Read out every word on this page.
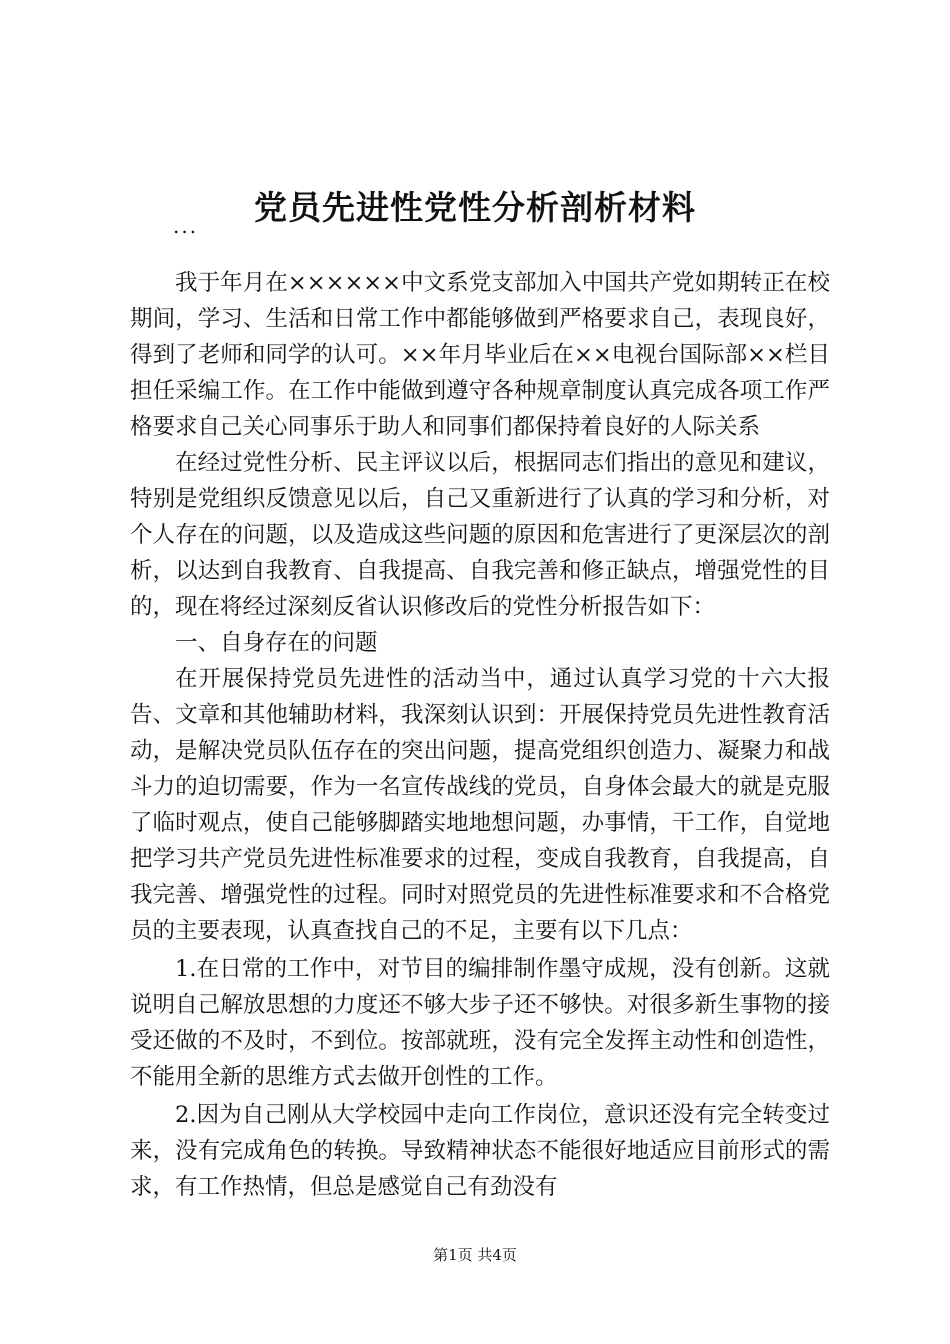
党员先进性党性分析剖析材料
...

我于年月在××××××中文系党支部加入中国共产党如期转正在校期间，学习、生活和日常工作中都能够做到严格要求自己，表现良好，得到了老师和同学的认可。××年月毕业后在××电视台国际部××栏目担任采编工作。在工作中能做到遵守各种规章制度认真完成各项工作严格要求自己关心同事乐于助人和同事们都保持着良好的人际关系

在经过党性分析、民主评议以后，根据同志们指出的意见和建议，特别是党组织反馈意见以后，自己又重新进行了认真的学习和分析，对个人存在的问题，以及造成这些问题的原因和危害进行了更深层次的剖析，以达到自我教育、自我提高、自我完善和修正缺点，增强党性的目的，现在将经过深刻反省认识修改后的党性分析报告如下：

一、自身存在的问题

在开展保持党员先进性的活动当中，通过认真学习党的十六大报告、文章和其他辅助材料，我深刻认识到：开展保持党员先进性教育活动，是解决党员队伍存在的突出问题，提高党组织创造力、凝聚力和战斗力的迫切需要，作为一名宣传战线的党员，自身体会最大的就是克服了临时观点，使自己能够脚踏实地地想问题，办事情，干工作，自觉地把学习共产党员先进性标准要求的过程，变成自我教育，自我提高，自我完善、增强党性的过程。同时对照党员的先进性标准要求和不合格党员的主要表现，认真查找自己的不足，主要有以下几点：

1.在日常的工作中，对节目的编排制作墨守成规，没有创新。这就说明自己解放思想的力度还不够大步子还不够快。对很多新生事物的接受还做的不及时，不到位。按部就班，没有完全发挥主动性和创造性，不能用全新的思维方式去做开创性的工作。

2.因为自己刚从大学校园中走向工作岗位，意识还没有完全转变过来，没有完成角色的转换。导致精神状态不能很好地适应目前形式的需求，有工作热情，但总是感觉自己有劲没有

第1页 共4页
